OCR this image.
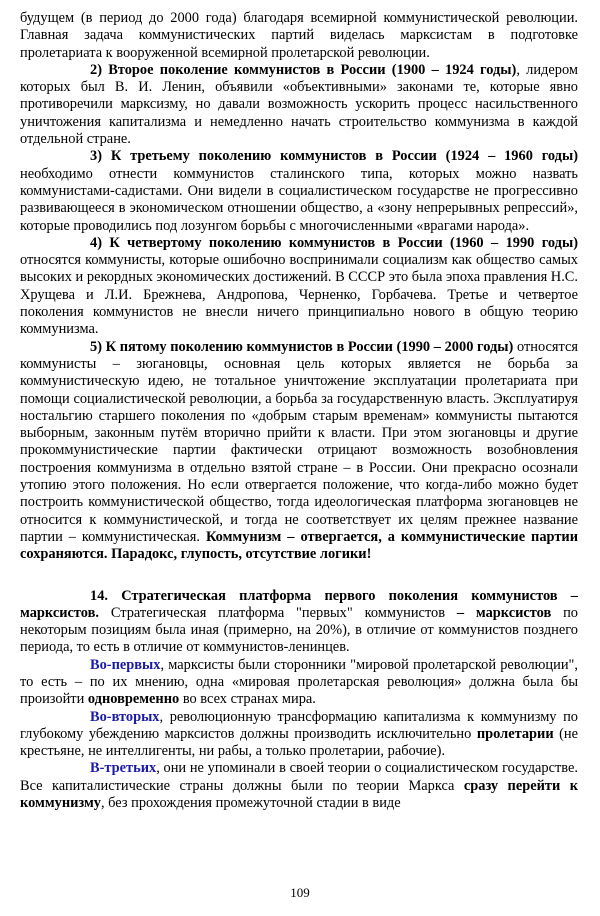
будущем (в период до 2000 года) благодаря всемирной коммунистической революции. Главная задача коммунистических партий виделась марксистам в подготовке пролетариата к вооруженной всемирной пролетарской революции.

2) Второе поколение коммунистов в России (1900 – 1924 годы), лидером которых был В. И. Ленин, объявили «объективными» законами те, которые явно противоречили марксизму, но давали возможность ускорить процесс насильственного уничтожения капитализма и немедленно начать строительство коммунизма в каждой отдельной стране.

3) К третьему поколению коммунистов в России (1924 – 1960 годы) необходимо отнести коммунистов сталинского типа, которых можно назвать коммунистами-садистами. Они видели в социалистическом государстве не прогрессивно развивающееся в экономическом отношении общество, а «зону непрерывных репрессий», которые проводились под лозунгом борьбы с многочисленными «врагами народа».

4) К четвертому поколению коммунистов в России (1960 – 1990 годы) относятся коммунисты, которые ошибочно воспринимали социализм как общество самых высоких и рекордных экономических достижений. В СССР это была эпоха правления Н.С. Хрущева и Л.И. Брежнева, Андропова, Черненко, Горбачева. Третье и четвертое поколения коммунистов не внесли ничего принципиально нового в общую теорию коммунизма.

5) К пятому поколению коммунистов в России (1990 – 2000 годы) относятся коммунисты – зюгановцы, основная цель которых является не борьба за коммунистическую идею, не тотальное уничтожение эксплуатации пролетариата при помощи социалистической революции, а борьба за государственную власть. Эксплуатируя ностальгию старшего поколения по «добрым старым временам» коммунисты пытаются выборным, законным путём вторично прийти к власти. При этом зюгановцы и другие прокоммунистические партии фактически отрицают возможность возобновления построения коммунизма в отдельно взятой стране – в России. Они прекрасно осознали утопию этого положения. Но если отвергается положение, что когда-либо можно будет построить коммунистической общество, тогда идеологическая платформа зюгановцев не относится к коммунистической, и тогда не соответствует их целям прежнее название партии – коммунистическая. Коммунизм – отвергается, а коммунистические партии сохраняются. Парадокс, глупость, отсутствие логики!

14. Стратегическая платформа первого поколения коммунистов – марксистов. Стратегическая платформа "первых" коммунистов – марксистов по некоторым позициям была иная (примерно, на 20%), в отличие от коммунистов позднего периода, то есть в отличие от коммунистов-ленинцев.

Во-первых, марксисты были сторонники "мировой пролетарской революции", то есть – по их мнению, одна «мировая пролетарская революция» должна была бы произойти одновременно во всех странах мира.

Во-вторых, революционную трансформацию капитализма к коммунизму по глубокому убеждению марксистов должны производить исключительно пролетарии (не крестьяне, не интеллигенты, ни рабы, а только пролетарии, рабочие).

В-третьих, они не упоминали в своей теории о социалистическом государстве. Все капиталистические страны должны были по теории Маркса сразу перейти к коммунизму, без прохождения промежуточной стадии в виде

109
